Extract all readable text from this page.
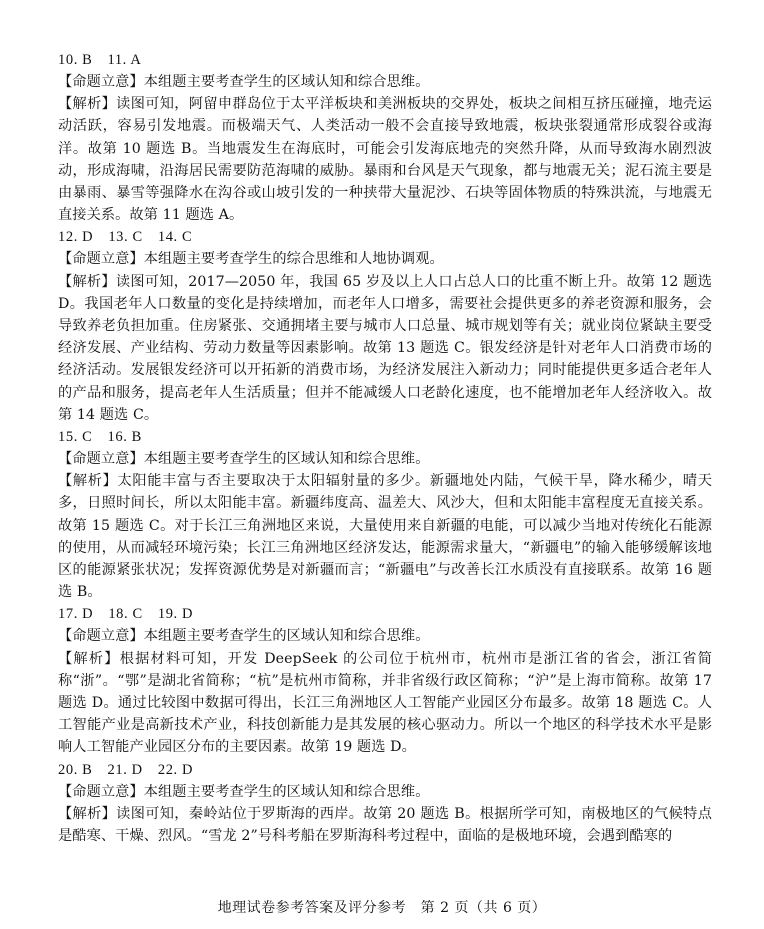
10. B　11. A

【命题立意】本组题主要考查学生的区域认知和综合思维。

【解析】读图可知，阿留申群岛位于太平洋板块和美洲板块的交界处，板块之间相互挤压碰撞，地壳运动活跃，容易引发地震。而极端天气、人类活动一般不会直接导致地震，板块张裂通常形成裂谷或海洋。故第 10 题选 B。当地震发生在海底时，可能会引发海底地壳的突然升降，从而导致海水剧烈波动，形成海啸，沿海居民需要防范海啸的威胁。暴雨和台风是天气现象，都与地震无关；泥石流主要是由暴雨、暴雪等强降水在沟谷或山坡引发的一种挟带大量泥沙、石块等固体物质的特殊洪流，与地震无直接关系。故第 11 题选 A。

12. D　13. C　14. C

【命题立意】本组题主要考查学生的综合思维和人地协调观。

【解析】读图可知，2017—2050 年，我国 65 岁及以上人口占总人口的比重不断上升。故第 12 题选 D。我国老年人口数量的变化是持续增加，而老年人口增多，需要社会提供更多的养老资源和服务，会导致养老负担加重。住房紧张、交通拥堵主要与城市人口总量、城市规划等有关；就业岗位紧缺主要受经济发展、产业结构、劳动力数量等因素影响。故第 13 题选 C。银发经济是针对老年人口消费市场的经济活动。发展银发经济可以开拓新的消费市场，为经济发展注入新动力；同时能提供更多适合老年人的产品和服务，提高老年人生活质量；但并不能减缓人口老龄化速度，也不能增加老年人经济收入。故第 14 题选 C。

15. C　16. B

【命题立意】本组题主要考查学生的区域认知和综合思维。

【解析】太阳能丰富与否主要取决于太阳辐射量的多少。新疆地处内陆，气候干旱，降水稀少，晴天多，日照时间长，所以太阳能丰富。新疆纬度高、温差大、风沙大，但和太阳能丰富程度无直接关系。故第 15 题选 C。对于长江三角洲地区来说，大量使用来自新疆的电能，可以减少当地对传统化石能源的使用，从而减轻环境污染；长江三角洲地区经济发达，能源需求量大，“新疆电”的输入能够缓解该地区的能源紧张状况；发挥资源优势是对新疆而言；“新疆电”与改善长江水质没有直接联系。故第 16 题选 B。

17. D　18. C　19. D

【命题立意】本组题主要考查学生的区域认知和综合思维。

【解析】根据材料可知，开发 DeepSeek 的公司位于杭州市，杭州市是浙江省的省会，浙江省简称“浙”。“鄂”是湖北省简称；“杭”是杭州市简称，并非省级行政区简称；“沪”是上海市简称。故第 17 题选 D。通过比较图中数据可得出，长江三角洲地区人工智能产业园区分布最多。故第 18 题选 C。人工智能产业是高新技术产业，科技创新能力是其发展的核心驱动力。所以一个地区的科学技术水平是影响人工智能产业园区分布的主要因素。故第 19 题选 D。

20. B　21. D　22. D

【命题立意】本组题主要考查学生的区域认知和综合思维。

【解析】读图可知，秦岭站位于罗斯海的西岸。故第 20 题选 B。根据所学可知，南极地区的气候特点是酷寒、干燥、烈风。“雪龙 2”号科考船在罗斯海科考过程中，面临的是极地环境，会遇到酷寒的

地理试卷参考答案及评分参考　第 2 页（共 6 页）
